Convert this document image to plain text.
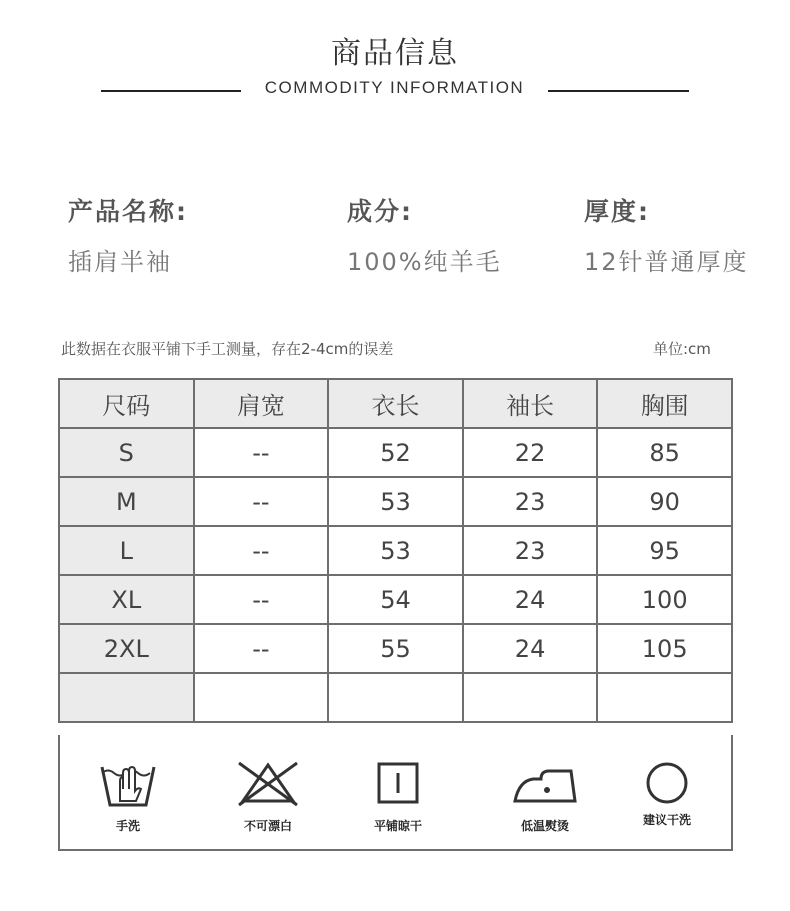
商品信息
COMMODITY INFORMATION
产品名称:
插肩半袖
成分:
100%纯羊毛
厚度:
12针普通厚度
此数据在衣服平铺下手工测量，存在2-4cm的误差	单位:cm
尺码	肩宽	衣长	袖长	胸围
S	--	52	22	85
M	--	53	23	90
L	--	53	23	95
XL	--	54	24	100
2XL	--	55	24	105

手洗	不可漂白	平铺晾干	低温熨烫	建议干洗
